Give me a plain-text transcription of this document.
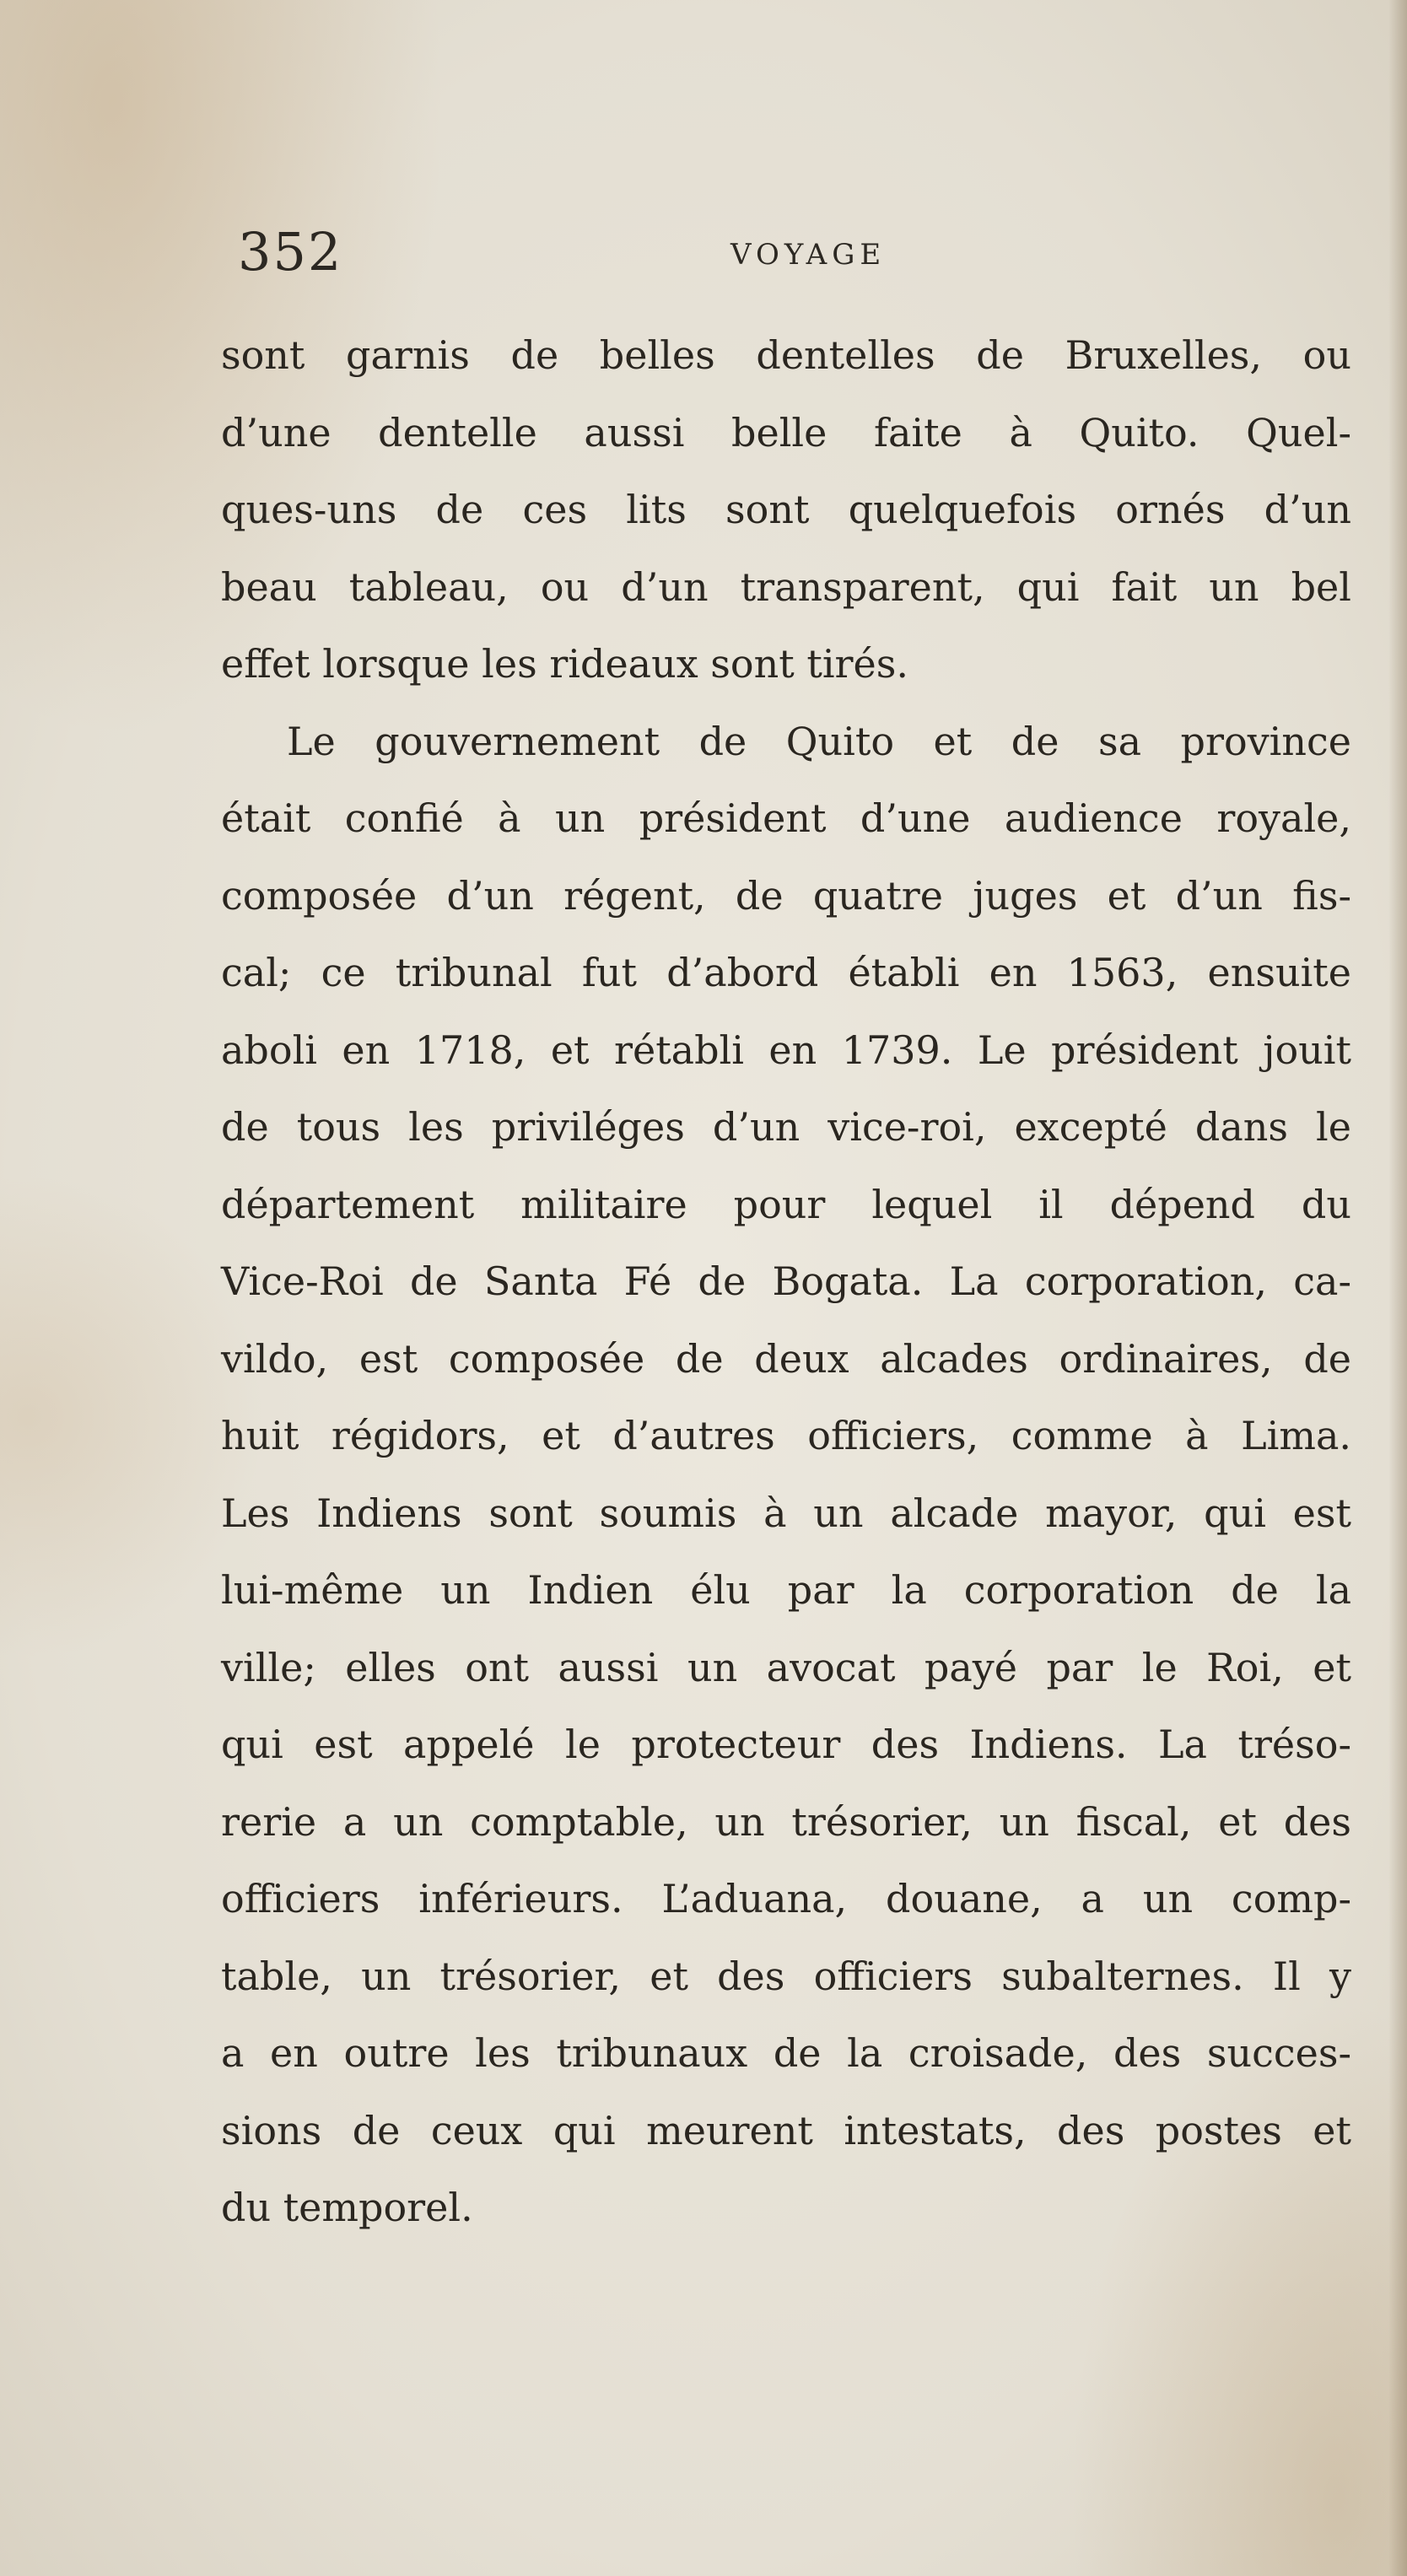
352	VOYAGE
sont garnis de belles dentelles de Bruxelles, ou
d’une dentelle aussi belle faite à Quito. Quel-
ques-uns de ces lits sont quelquefois ornés d’un
beau tableau, ou d’un transparent, qui fait un bel
effet lorsque les rideaux sont tirés.
Le gouvernement de Quito et de sa province
était confié à un président d’une audience royale,
composée d’un régent, de quatre juges et d’un fis-
cal; ce tribunal fut d’abord établi en 1563, ensuite
aboli en 1718, et rétabli en 1739. Le président jouit
de tous les priviléges d’un vice-roi, excepté dans le
département militaire pour lequel il dépend du
Vice-Roi de Santa Fé de Bogata. La corporation, ca-
vildo, est composée de deux alcades ordinaires, de
huit régidors, et d’autres officiers, comme à Lima.
Les Indiens sont soumis à un alcade mayor, qui est
lui-même un Indien élu par la corporation de la
ville; elles ont aussi un avocat payé par le Roi, et
qui est appelé le protecteur des Indiens. La tréso-
rerie a un comptable, un trésorier, un fiscal, et des
officiers inférieurs. L’aduana, douane, a un comp-
table, un trésorier, et des officiers subalternes. Il y
a en outre les tribunaux de la croisade, des succes-
sions de ceux qui meurent intestats, des postes et
du temporel.
